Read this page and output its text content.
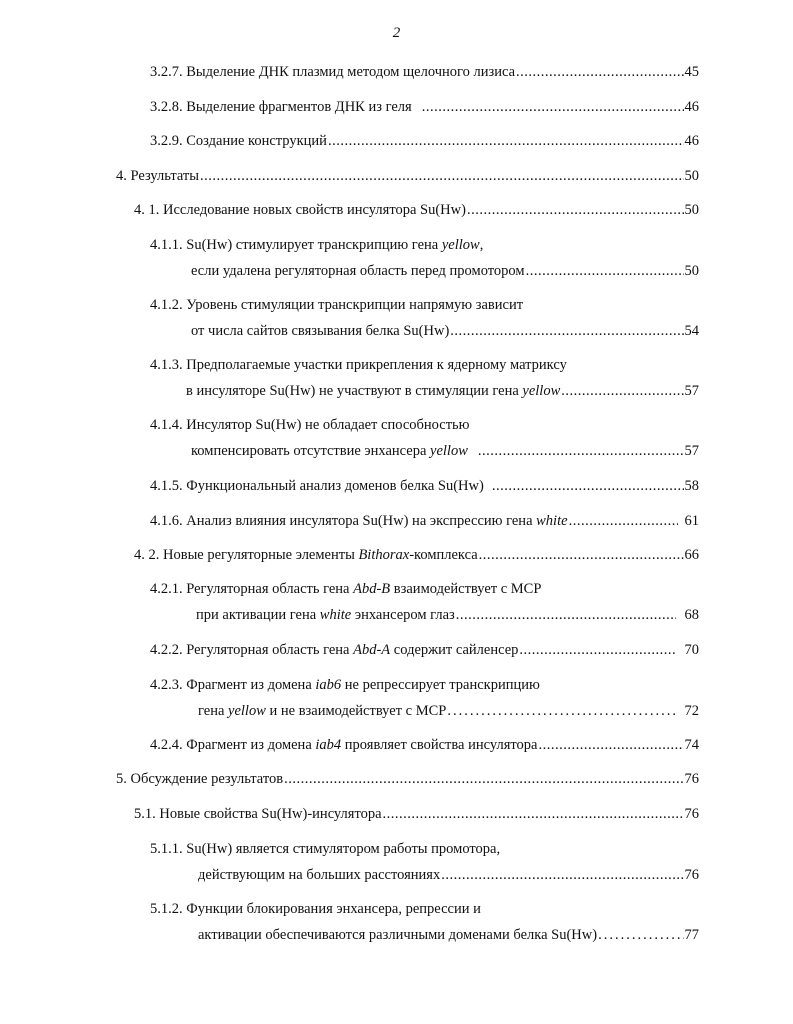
2
3.2.7. Выделение ДНК плазмид методом щелочного лизиса .....	45
3.2.8. Выделение фрагментов ДНК из геля .....	46
3.2.9. Создание конструкций .....	46
4. Результаты .....	50
4. 1. Исследование новых свойств инсулятора Su(Hw) .....	50
4.1.1. Su(Hw) стимулирует транскрипцию гена yellow,
если удалена регуляторная область перед промотором .....	50
4.1.2. Уровень стимуляции транскрипции напрямую зависит
от числа сайтов связывания белка Su(Hw) .....	54
4.1.3. Предполагаемые участки прикрепления к ядерному матриксу
в инсуляторе Su(Hw) не участвуют в стимуляции гена yellow .....	57
4.1.4. Инсулятор Su(Hw) не обладает способностью
компенсировать отсутствие энхансера yellow .....	57
4.1.5. Функциональный анализ доменов белка Su(Hw) .....	58
4.1.6. Анализ влияния инсулятора Su(Hw) на экспрессию гена white .....	61
4. 2. Новые регуляторные элементы Bithorax-комплекса .....	66
4.2.1. Регуляторная область гена Abd-B взаимодействует с МСР
при активации гена white энхансером глаз .....	68
4.2.2. Регуляторная область гена Abd-A содержит сайленсер .....	70
4.2.3. Фрагмент из домена iab6 не репрессирует транскрипцию
гена yellow и не взаимодействует с МСР .....	72
4.2.4. Фрагмент из домена iab4 проявляет свойства инсулятора .....	74
5. Обсуждение результатов .....	76
5.1. Новые свойства Su(Hw)-инсулятора .....	76
5.1.1. Su(Hw) является стимулятором работы промотора,
действующим на больших расстояниях .....	76
5.1.2. Функции блокирования энхансера, репрессии и
активации обеспечиваются различными доменами белка Su(Hw) .....	77
